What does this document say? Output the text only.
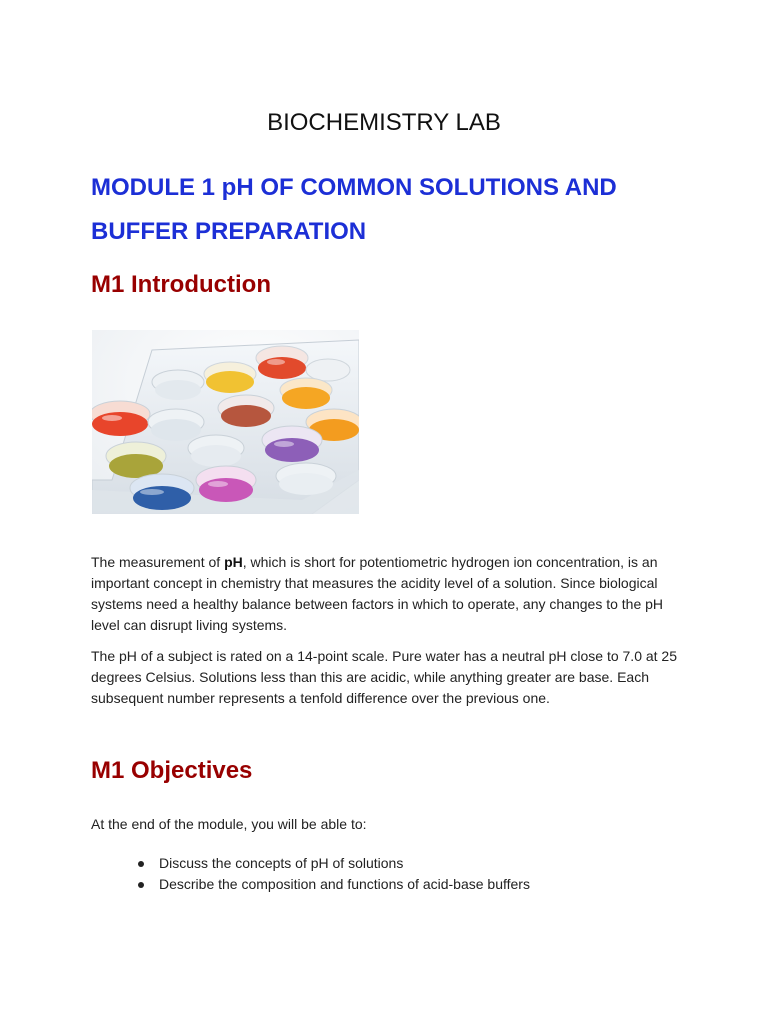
BIOCHEMISTRY LAB
MODULE 1 pH OF COMMON SOLUTIONS AND
BUFFER PREPARATION
M1 Introduction

The measurement of pH, which is short for potentiometric hydrogen ion concentration, is an important concept in chemistry that measures the acidity level of a solution. Since biological systems need a healthy balance between factors in which to operate, any changes to the pH level can disrupt living systems.

The pH of a subject is rated on a 14-point scale. Pure water has a neutral pH close to 7.0 at 25 degrees Celsius. Solutions less than this are acidic, while anything greater are base. Each subsequent number represents a tenfold difference over the previous one.

M1 Objectives

At the end of the module, you will be able to:

Discuss the concepts of pH of solutions
Describe the composition and functions of acid-base buffers
